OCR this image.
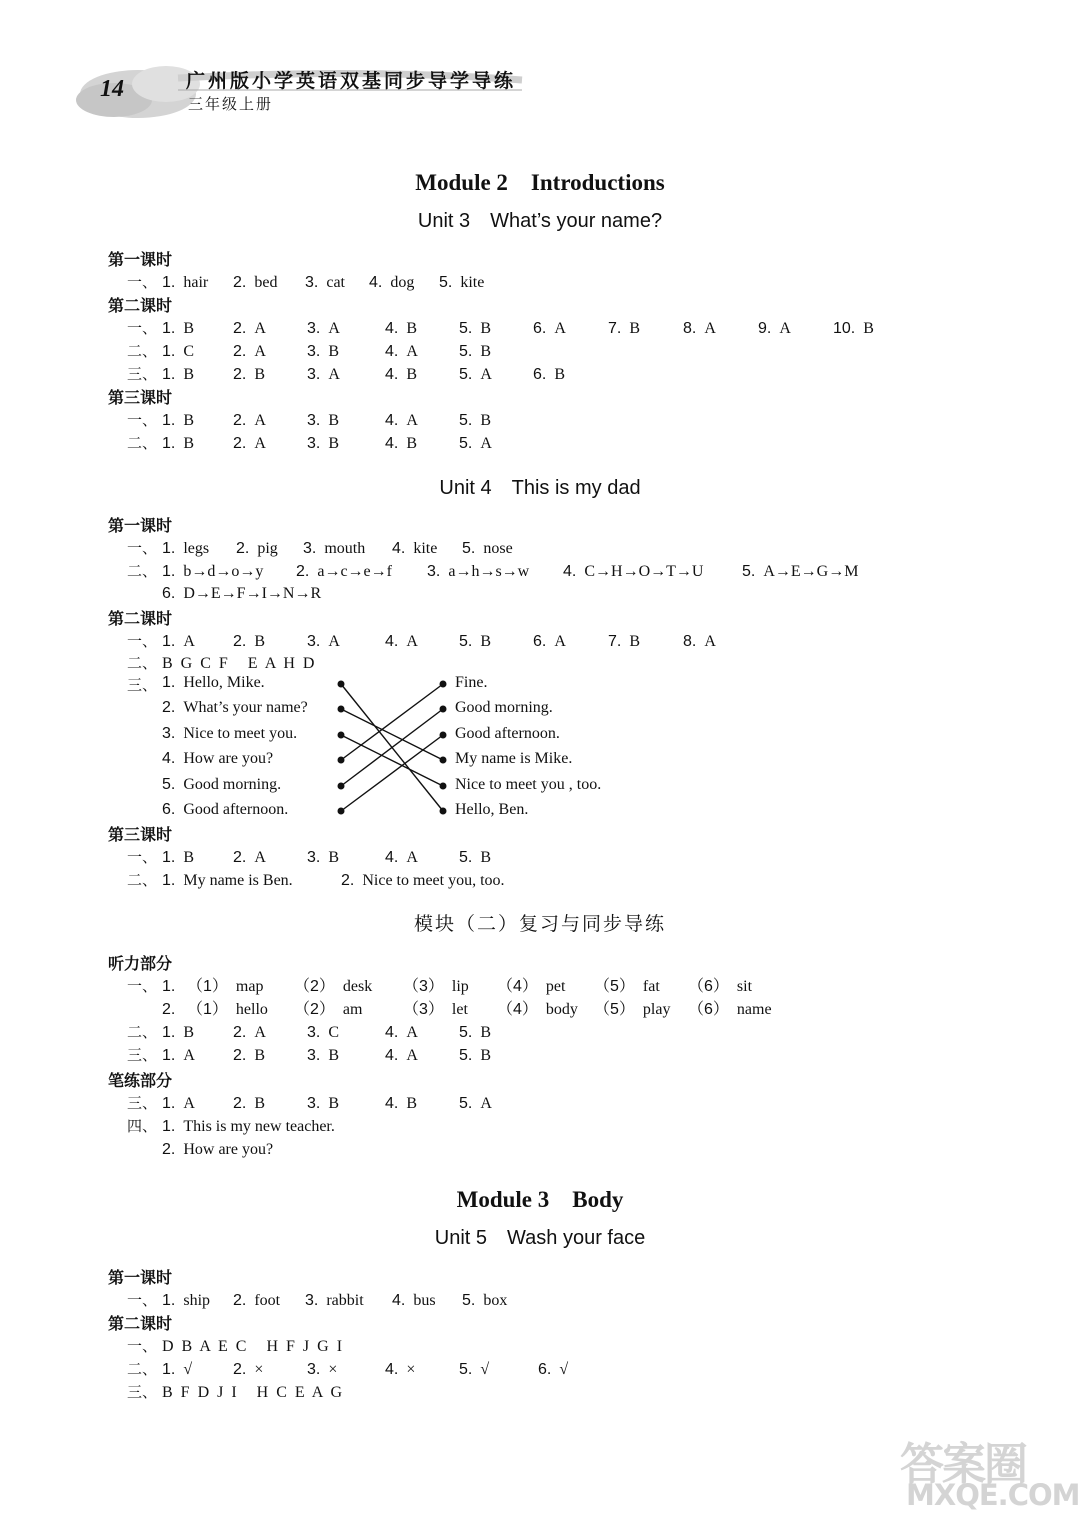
14	广州版小学英语双基同步导学导练
三年级上册
Module 2　Introductions
Unit 3　What’s your name?
第一课时
一、 1. hair 2. bed 3. cat 4. dog 5. kite
第二课时
一、 1. B 2. A	3. A	4. B	5. B	6. A	7. B	8. A	9. A	10. B
二、 1. C 2. A	3. B	4. A	5. B
三、 1. B 2. B	3. A	4. B	5. A	6. B
第三课时
一、 1. B 2. A	3. B	4. A	5. B
二、 1. B 2. A	3. B	4. B	5. A
Unit 4　This is my dad
第一课时
一、 1. legs 2. pig 3. mouth 4. kite 5. nose
二、 1. b→d→o→y 2. a→c→e→f 3. a→h→s→w 4. C→H→O→T→U 5. A→E→G→M
6. D→E→F→I→N→R
第二课时
一、 1. A 2. B	3. A	4. A	5. B	6. A	7. B	8. A
二、 B G C F　E A H D
三、 1. Hello, Mike.
2. What’s your name?
3. Nice to meet you.
4. How are you?
5. Good morning.
6. Good afternoon.
Fine.
Good morning.
Good afternoon.
My name is Mike.
Nice to meet you , too.
Hello, Ben.
第三课时
一、 1. B 2. A	3. B	4. A	5. B
二、 1. My name is Ben.	2. Nice to meet you, too.
模块（二）复习与同步导练
听力部分
一、 1. （1） map （2） desk （3） lip （4） pet （5） fat （6） sit
2. （1） hello （2） am	（3） let （4） body （5） play （6） name
二、 1. B 2. A	3. C	4. A	5. B
三、 1. A 2. B	3. B	4. A	5. B
笔练部分
三、 1. A 2. B	3. B	4. B	5. A
四、 1. This is my new teacher.
2. How are you?
Module 3　Body
Unit 5　Wash your face
第一课时
一、 1. ship 2. foot 3. rabbit 4. bus 5. box
第二课时
一、 D B A E C　H F J G I
二、 1. √	2. ×	3. ×	4. ×	5. √	6. √
三、 B F D J I　H C E A G
答案圈
MXQE.COM
